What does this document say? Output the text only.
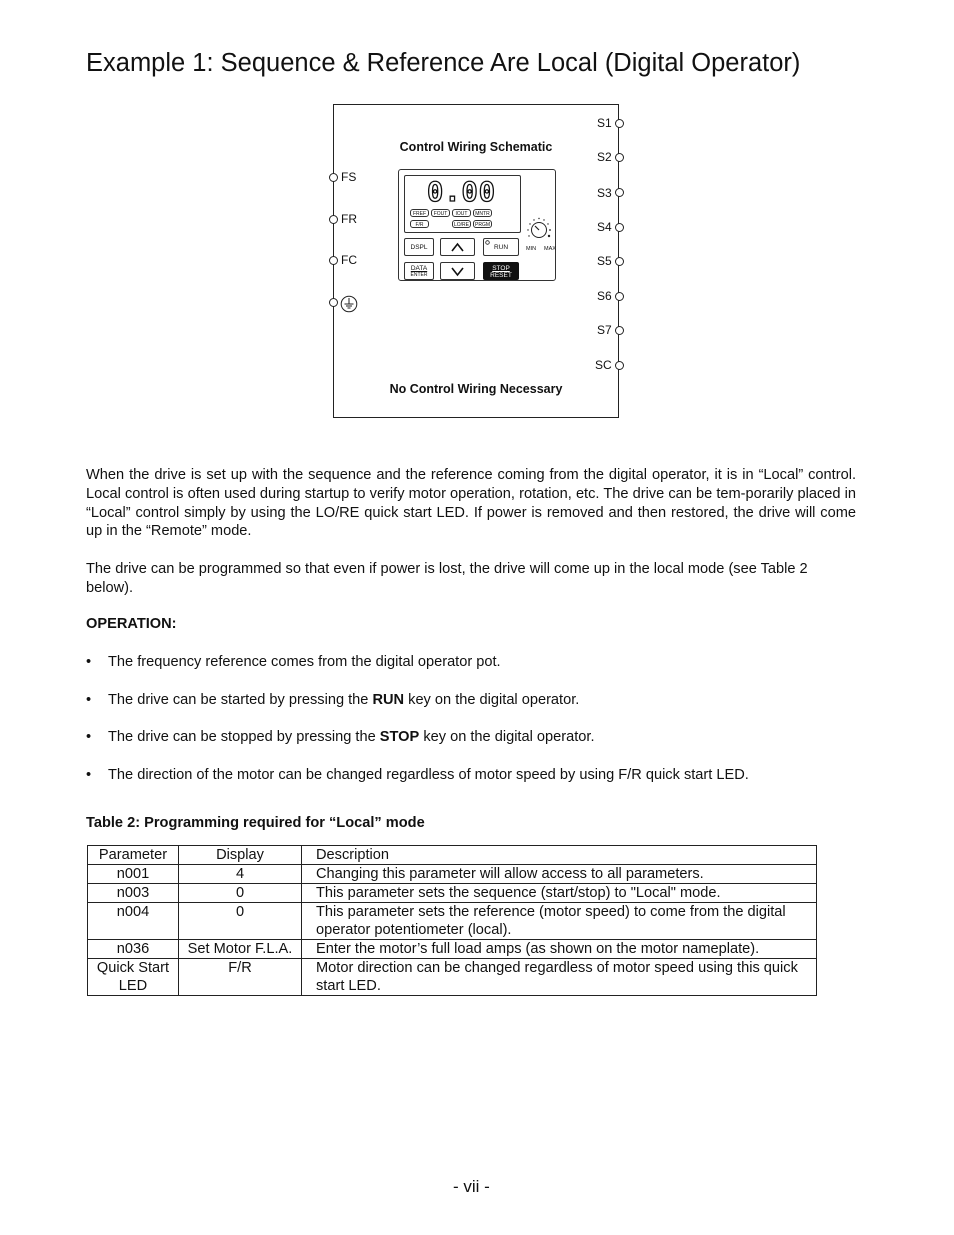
Example 1: Sequence & Reference Are Local (Digital Operator)
Control Wiring Schematic
FS
FR
FC
S1
S2
S3
S4
S5
S6
S7
SC
0.00
FREF	FOUT	IOUT	MNTR
F/R	LO/RE	PRGM
MIN MAX
DSPL	RUN
DATA
ENTER
STOP
RESET
No Control Wiring Necessary

When the drive is set up with the sequence and the reference coming from the digital operator, it is in “Local” control. Local control is often used during startup to verify motor operation, rotation, etc. The drive can be tem-porarily placed in “Local” control simply by using the LO/RE quick start LED. If power is removed and then restored, the drive will come up in the “Remote” mode.

The drive can be programmed so that even if power is lost, the drive will come up in the local mode (see Table 2 below).

OPERATION:

• The frequency reference comes from the digital operator pot.
• The drive can be started by pressing the RUN key on the digital operator.
• The drive can be stopped by pressing the STOP key on the digital operator.
• The direction of the motor can be changed regardless of motor speed by using F/R quick start LED.

Table 2: Programming required for “Local” mode

Parameter	Display	Description
n001	4	Changing this parameter will allow access to all parameters.
n003	0	This parameter sets the sequence (start/stop) to "Local" mode.
n004	0	This parameter sets the reference (motor speed) to come from the digital operator potentiometer (local).
n036	Set Motor F.L.A.	Enter the motor’s full load amps (as shown on the motor nameplate).
Quick Start LED	F/R	Motor direction can be changed regardless of motor speed using this quick start LED.
- vii -
